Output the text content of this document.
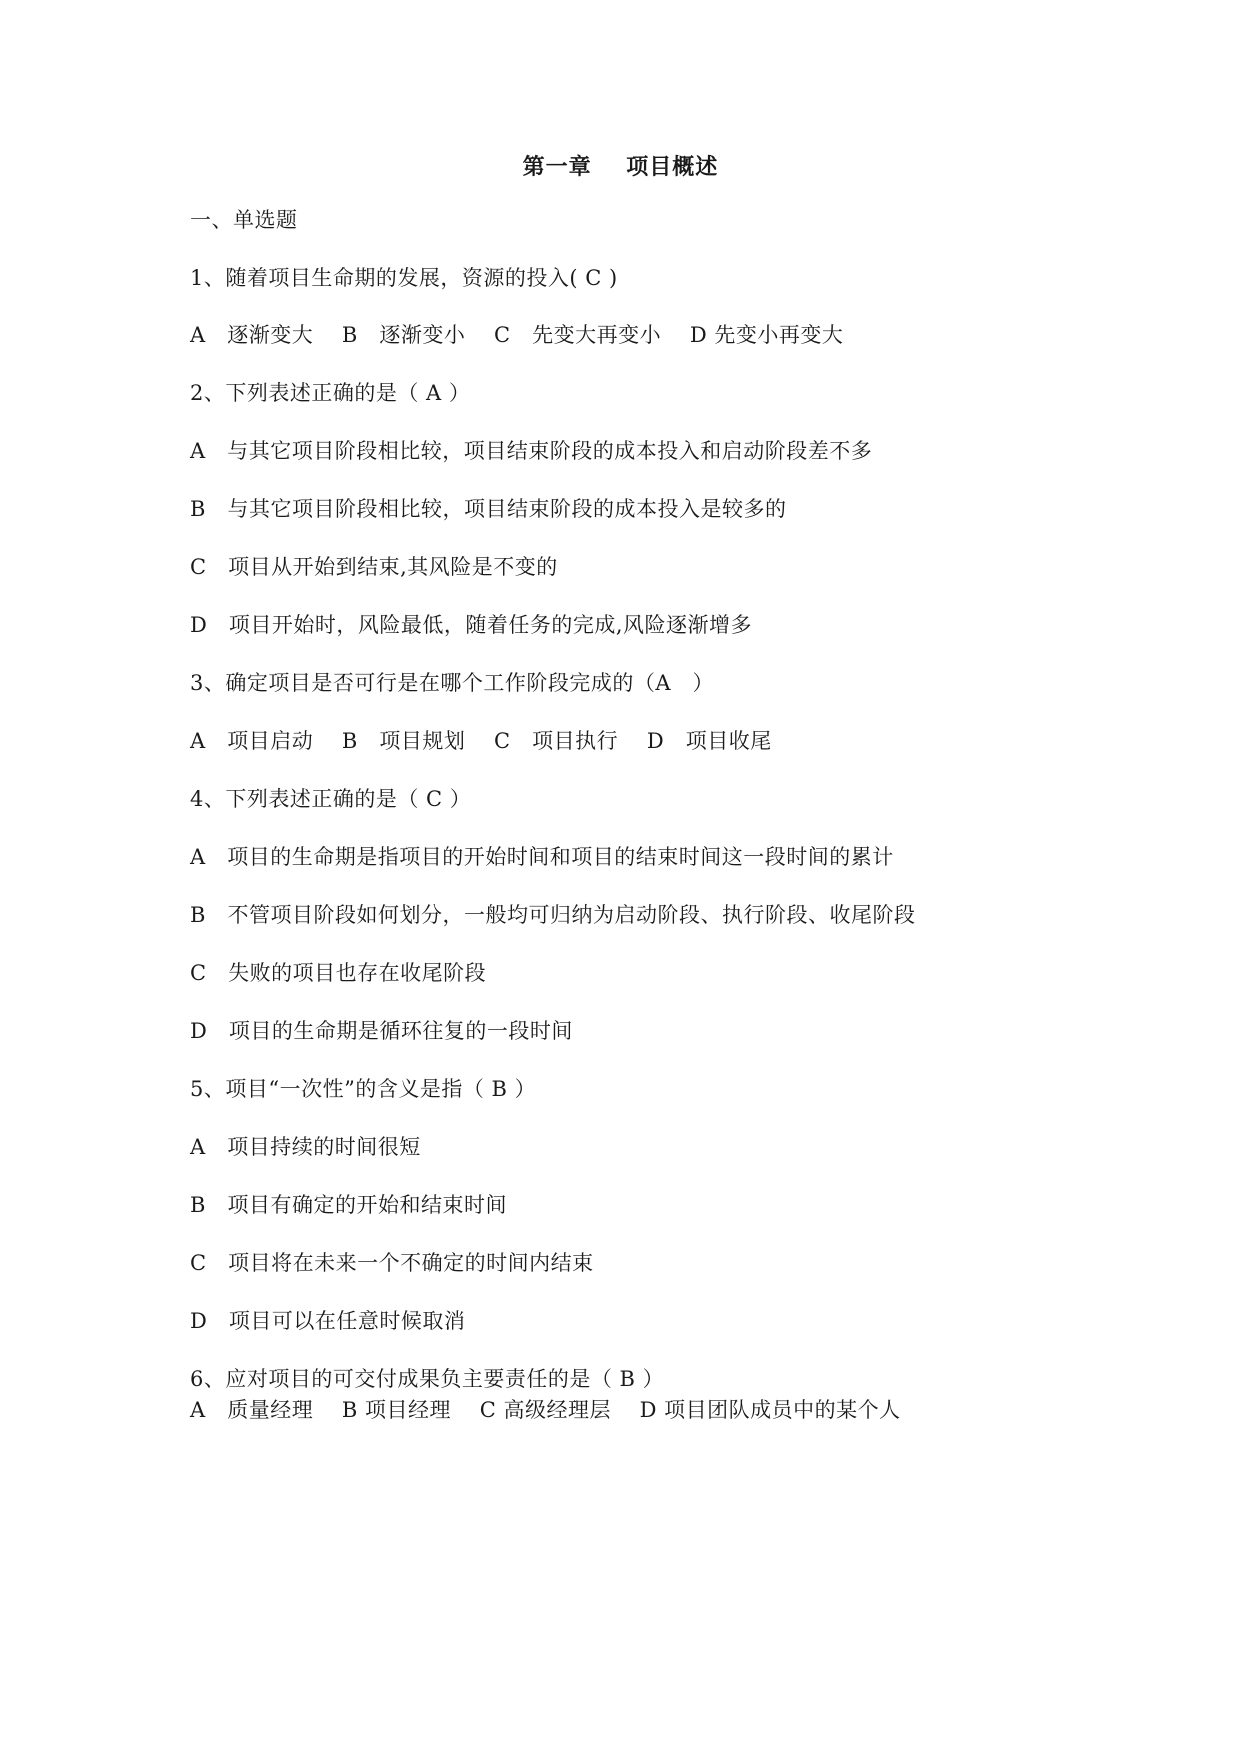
第一章    项目概述
一、单选题
1、随着项目生命期的发展，资源的投入( C )
A   逐渐变大    B   逐渐变小    C   先变大再变小    D 先变小再变大
2、下列表述正确的是（ A ）
A   与其它项目阶段相比较，项目结束阶段的成本投入和启动阶段差不多
B   与其它项目阶段相比较，项目结束阶段的成本投入是较多的
C   项目从开始到结束,其风险是不变的
D   项目开始时，风险最低，随着任务的完成,风险逐渐增多
3、确定项目是否可行是在哪个工作阶段完成的（A   ）
A   项目启动    B   项目规划    C   项目执行    D   项目收尾
4、下列表述正确的是（ C ）
A   项目的生命期是指项目的开始时间和项目的结束时间这一段时间的累计
B   不管项目阶段如何划分，一般均可归纳为启动阶段、执行阶段、收尾阶段
C   失败的项目也存在收尾阶段
D   项目的生命期是循环往复的一段时间
5、项目“一次性”的含义是指（ B ）
A   项目持续的时间很短
B   项目有确定的开始和结束时间
C   项目将在未来一个不确定的时间内结束
D   项目可以在任意时候取消
6、应对项目的可交付成果负主要责任的是（ B ）
A   质量经理    B 项目经理    C 高级经理层    D 项目团队成员中的某个人
